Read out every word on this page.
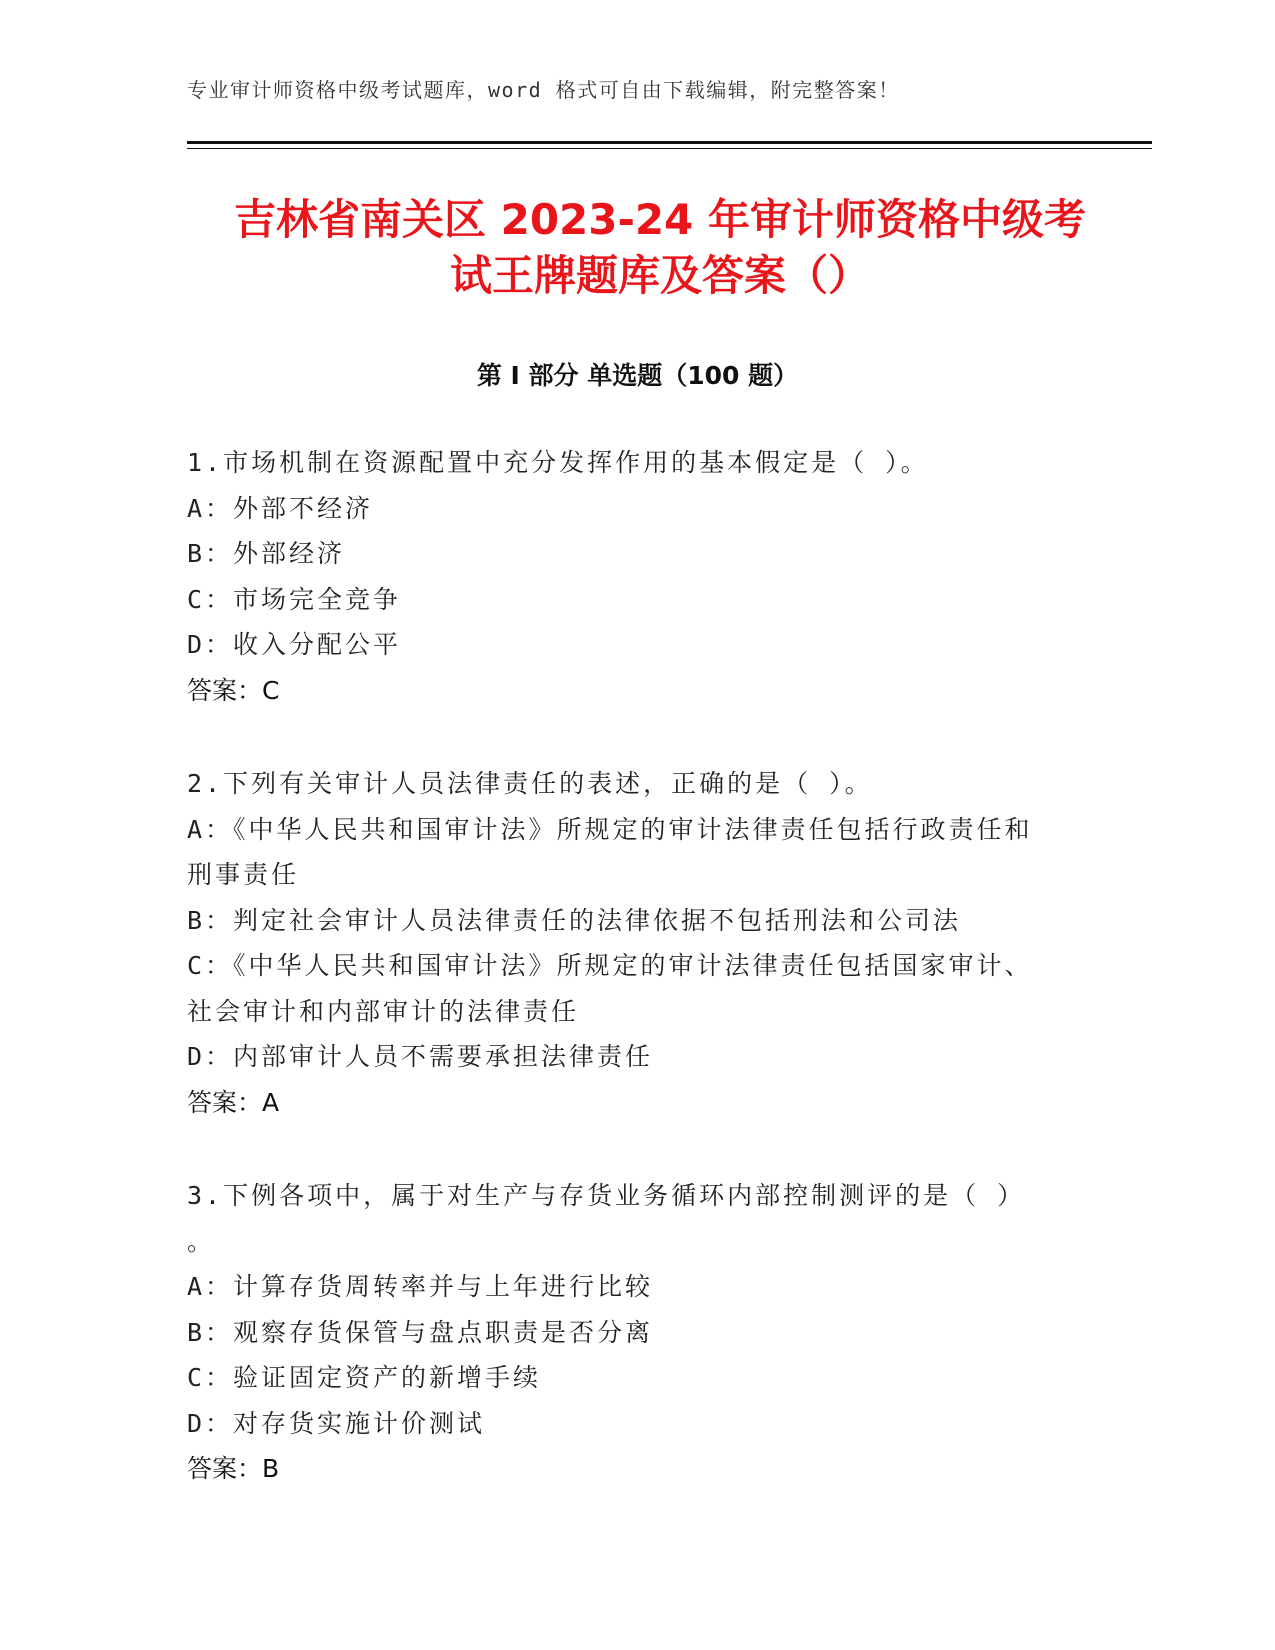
专业审计师资格中级考试题库，word 格式可自由下载编辑，附完整答案！
吉林省南关区 2023-24 年审计师资格中级考
试王牌题库及答案（）
第 I 部分 单选题（100 题）

1.市场机制在资源配置中充分发挥作用的基本假定是（ ）。

A：外部不经济

B：外部经济

C：市场完全竞争

D：收入分配公平

答案：C

2.下列有关审计人员法律责任的表述，正确的是（ ）。

A：《中华人民共和国审计法》所规定的审计法律责任包括行政责任和

刑事责任

B：判定社会审计人员法律责任的法律依据不包括刑法和公司法

C：《中华人民共和国审计法》所规定的审计法律责任包括国家审计、

社会审计和内部审计的法律责任

D：内部审计人员不需要承担法律责任

答案：A

3.下例各项中，属于对生产与存货业务循环内部控制测评的是（ ）

。

A：计算存货周转率并与上年进行比较

B：观察存货保管与盘点职责是否分离

C：验证固定资产的新增手续

D：对存货实施计价测试

答案：B
